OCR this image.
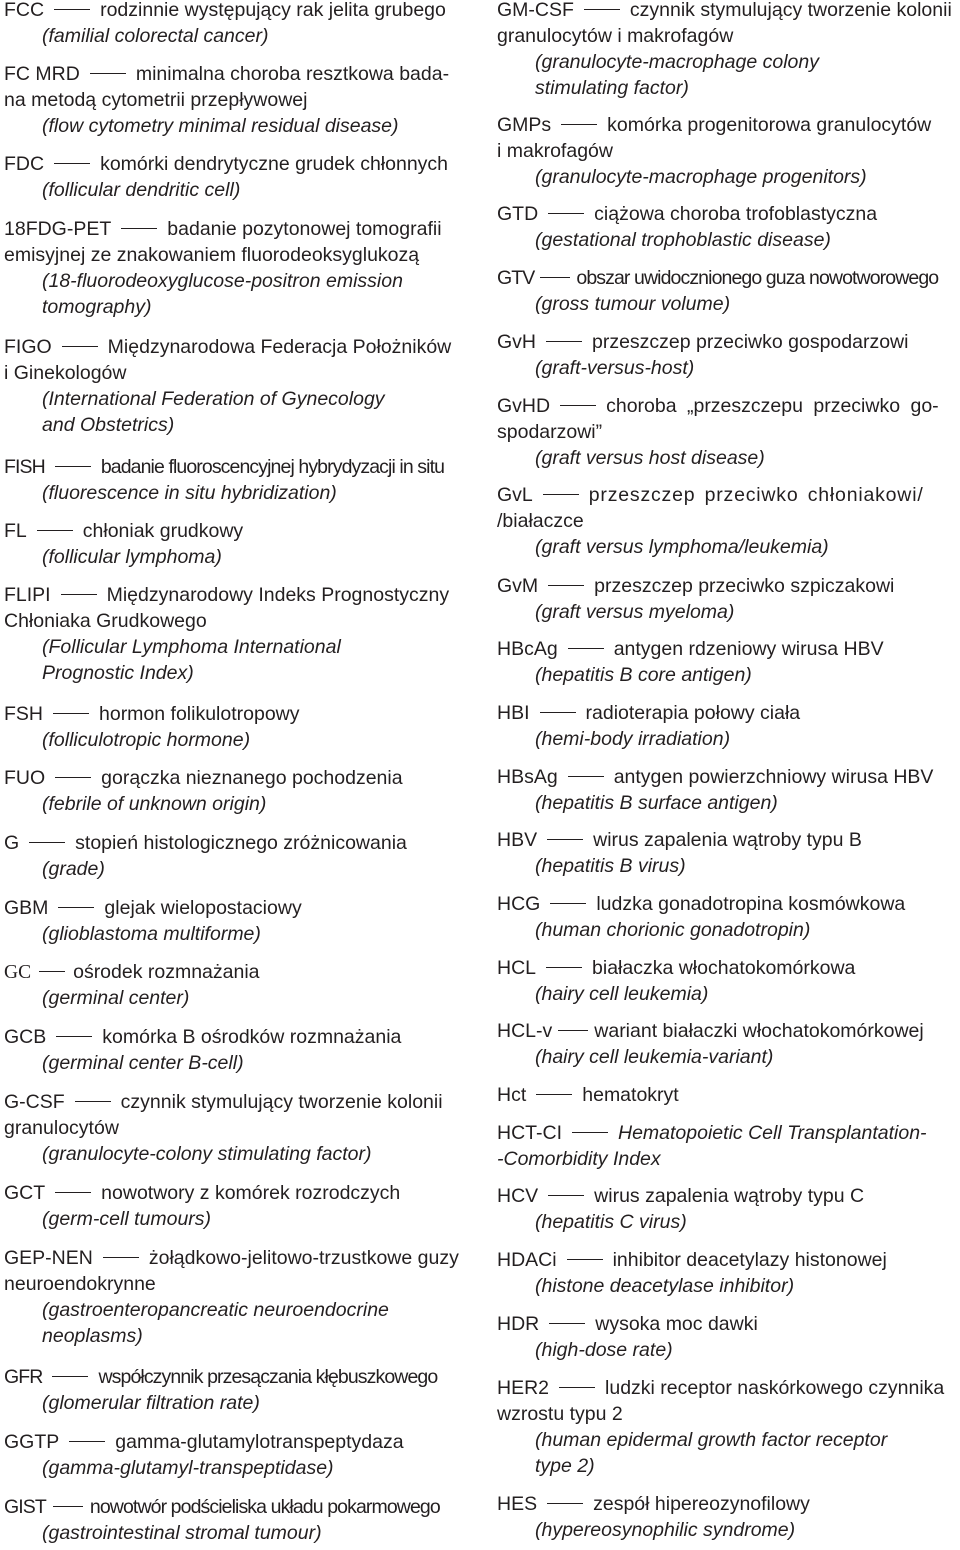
FCC	rodzinnie występujący rak jelita grubego
(familial colorectal cancer)
FC MRD	minimalna choroba resztkowa bada-
na metodą cytometrii przepływowej
(flow cytometry minimal residual disease)
FDC	komórki dendrytyczne grudek chłonnych
(follicular dendritic cell)
18FDG-PET	badanie pozytonowej tomografii
emisyjnej ze znakowaniem fluorodeoksyglukozą
(18-fluorodeoxyglucose-positron emission
tomography)
FIGO	Międzynarodowa Federacja Położników
i Ginekologów
(International Federation of Gynecology
and Obstetrics)
FISH	badanie fluoroscencyjnej hybrydyzacji in situ
(fluorescence in situ hybridization)
FL	chłoniak grudkowy
(follicular lymphoma)
FLIPI	Międzynarodowy Indeks Prognostyczny
Chłoniaka Grudkowego
(Follicular Lymphoma International
Prognostic Index)
FSH	hormon folikulotropowy
(folliculotropic hormone)
FUO	gorączka nieznanego pochodzenia
(febrile of unknown origin)
G	stopień histologicznego zróżnicowania
(grade)
GBM	glejak wielopostaciowy
(glioblastoma multiforme)
GC ośrodek rozmnażania
(germinal center)
GCB	komórka B ośrodków rozmnażania
(germinal center B-cell)
G-CSF	czynnik stymulujący tworzenie kolonii
granulocytów
(granulocyte-colony stimulating factor)
GCT	nowotwory z komórek rozrodczych
(germ-cell tumours)
GEP-NEN	żołądkowo-jelitowo-trzustkowe guzy
neuroendokrynne
(gastroenteropancreatic neuroendocrine
neoplasms)
GFR	współczynnik przesączania kłębuszkowego
(glomerular filtration rate)
GGTP	gamma-glutamylotranspeptydaza
(gamma-glutamyl-transpeptidase)
GIST nowotwór podścieliska układu pokarmowego
(gastrointestinal stromal tumour)
GM-CSF	czynnik stymulujący tworzenie kolonii
granulocytów i makrofagów
(granulocyte-macrophage colony
stimulating factor)
GMPs	komórka progenitorowa granulocytów
i makrofagów
(granulocyte-macrophage progenitors)
GTD	ciążowa choroba trofoblastyczna
(gestational trophoblastic disease)
GTV obszar uwidocznionego guza nowotworowego
(gross tumour volume)
GvH	przeszczep przeciwko gospodarzowi
(graft-versus-host)
GvHD	choroba „przeszczepu przeciwko go-
spodarzowi”
(graft versus host disease)
GvL	przeszczep przeciwko chłoniakowi/
/białaczce
(graft versus lymphoma/leukemia)
GvM	przeszczep przeciwko szpiczakowi
(graft versus myeloma)
HBcAg	antygen rdzeniowy wirusa HBV
(hepatitis B core antigen)
HBI	radioterapia połowy ciała
(hemi-body irradiation)
HBsAg	antygen powierzchniowy wirusa HBV
(hepatitis B surface antigen)
HBV	wirus zapalenia wątroby typu B
(hepatitis B virus)
HCG	ludzka gonadotropina kosmówkowa
(human chorionic gonadotropin)
HCL	białaczka włochatokomórkowa
(hairy cell leukemia)
HCL-v wariant białaczki włochatokomórkowej
(hairy cell leukemia-variant)
Hct	hematokryt
HCT-CI	Hematopoietic Cell Transplantation-
-Comorbidity Index
HCV	wirus zapalenia wątroby typu C
(hepatitis C virus)
HDACi	inhibitor deacetylazy histonowej
(histone deacetylase inhibitor)
HDR	wysoka moc dawki
(high-dose rate)
HER2	ludzki receptor naskórkowego czynnika
wzrostu typu 2
(human epidermal growth factor receptor
type 2)
HES	zespół hipereozynofilowy
(hypereosynophilic syndrome)
